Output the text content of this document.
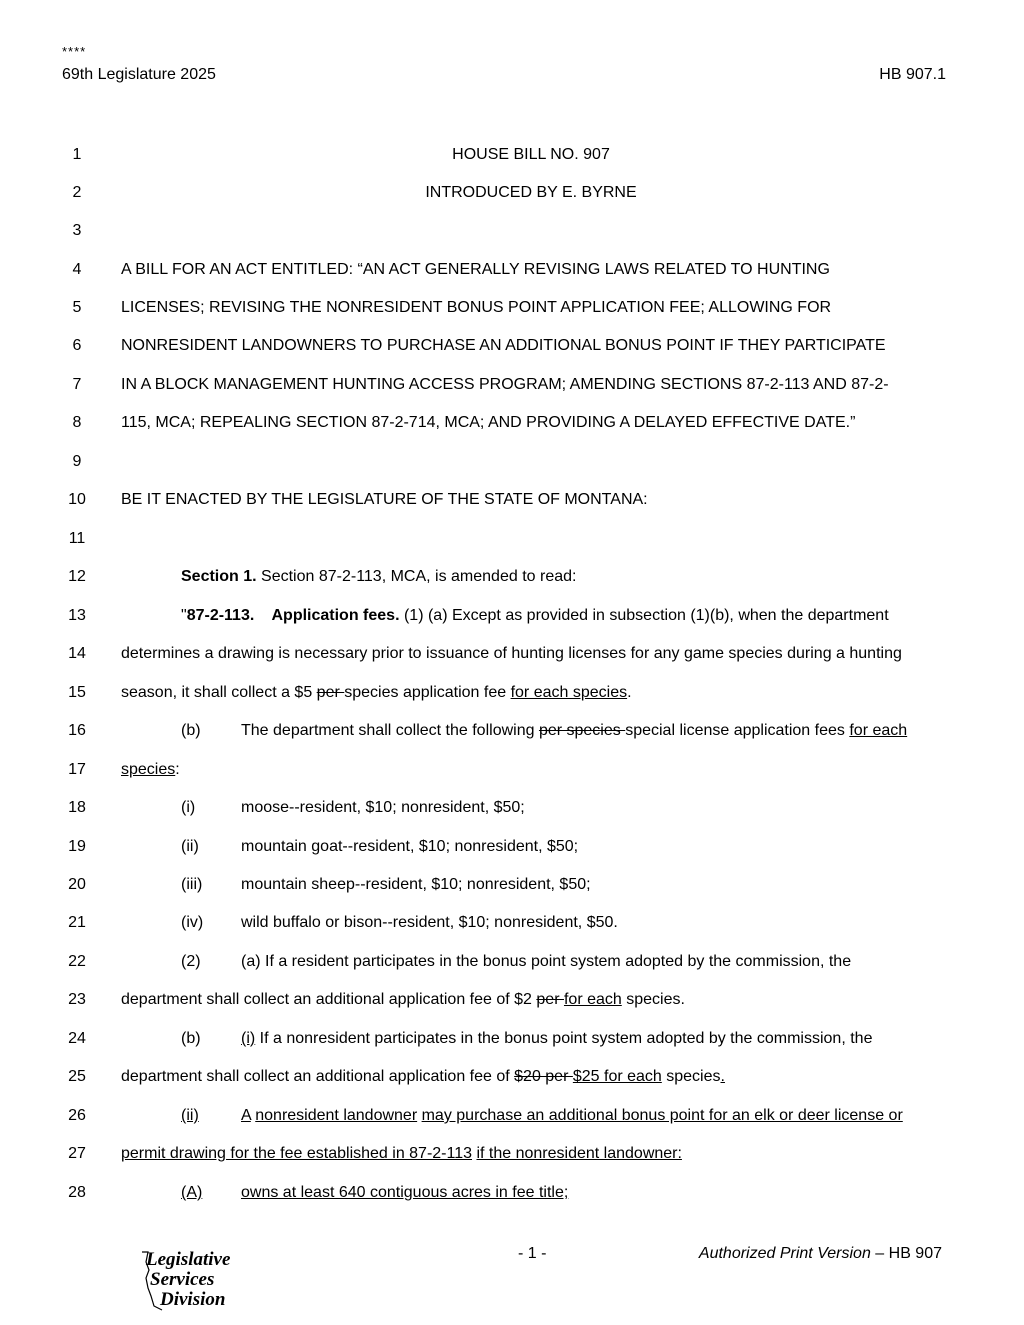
****
69th Legislature 2025	HB 907.1
1	HOUSE BILL NO. 907
2	INTRODUCED BY E. BYRNE
3
4	A BILL FOR AN ACT ENTITLED: “AN ACT GENERALLY REVISING LAWS RELATED TO HUNTING
5	LICENSES; REVISING THE NONRESIDENT BONUS POINT APPLICATION FEE; ALLOWING FOR
6	NONRESIDENT LANDOWNERS TO PURCHASE AN ADDITIONAL BONUS POINT IF THEY PARTICIPATE
7	IN A BLOCK MANAGEMENT HUNTING ACCESS PROGRAM; AMENDING SECTIONS 87-2-113 AND 87-2-
8	115, MCA; REPEALING SECTION 87-2-714, MCA; AND PROVIDING A DELAYED EFFECTIVE DATE.”
9
10	BE IT ENACTED BY THE LEGISLATURE OF THE STATE OF MONTANA:
11
12	Section 1. Section 87-2-113, MCA, is amended to read:
13	"87-2-113.    Application fees. (1) (a) Except as provided in subsection (1)(b), when the department
14	determines a drawing is necessary prior to issuance of hunting licenses for any game species during a hunting
15	season, it shall collect a $5 per species application fee for each species.
16	(b)	The department shall collect the following per species special license application fees for each
17	species:
18	(i)	moose--resident, $10; nonresident, $50;
19	(ii)	mountain goat--resident, $10; nonresident, $50;
20	(iii) mountain sheep--resident, $10; nonresident, $50;
21	(iv) wild buffalo or bison--resident, $10; nonresident, $50.
22	(2)	(a) If a resident participates in the bonus point system adopted by the commission, the
23	department shall collect an additional application fee of $2 per for each species.
24	(b)	(i) If a nonresident participates in the bonus point system adopted by the commission, the
25	department shall collect an additional application fee of $20 per $25 for each species.
26	(ii)	A nonresident landowner may purchase an additional bonus point for an elk or deer license or
27	permit drawing for the fee established in 87-2-113 if the nonresident landowner:
28	(A)	owns at least 640 contiguous acres in fee title;
Legislative
Services
Division
- 1 -	Authorized Print Version – HB 907
